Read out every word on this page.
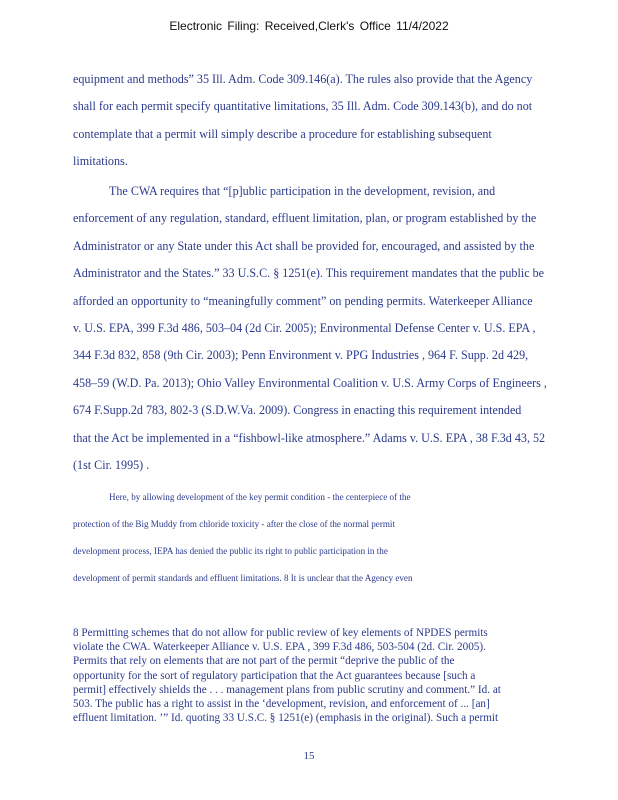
Electronic Filing: Received,Clerk's Office 11/4/2022
equipment and methods” 35 Ill. Adm. Code 309.146(a). The rules also provide that the Agency
shall for each permit specify quantitative limitations, 35 Ill. Adm. Code 309.143(b), and do not
contemplate that a permit will simply describe a procedure for establishing subsequent
limitations.
The CWA requires that “[p]ublic participation in the development, revision, and
enforcement of any regulation, standard, effluent limitation, plan, or program established by the
Administrator or any State under this Act shall be provided for, encouraged, and assisted by the
Administrator and the States.” 33 U.S.C. § 1251(e). This requirement mandates that the public be
afforded an opportunity to “meaningfully comment” on pending permits. Waterkeeper Alliance
v. U.S. EPA, 399 F.3d 486, 503–04 (2d Cir. 2005); Environmental Defense Center v. U.S. EPA ,
344 F.3d 832, 858 (9th Cir. 2003); Penn Environment v. PPG Industries , 964 F. Supp. 2d 429,
458–59 (W.D. Pa. 2013); Ohio Valley Environmental Coalition v. U.S. Army Corps of Engineers ,
674 F.Supp.2d 783, 802-3 (S.D.W.Va. 2009). Congress in enacting this requirement intended
that the Act be implemented in a “fishbowl-like atmosphere.” Adams v. U.S. EPA , 38 F.3d 43, 52
(1st Cir. 1995) .
Here, by allowing development of the key permit condition - the centerpiece of the
protection of the Big Muddy from chloride toxicity - after the close of the normal permit
development process, IEPA has denied the public its right to public participation in the
development of permit standards and effluent limitations. 8 It is unclear that the Agency even
8 Permitting schemes that do not allow for public review of key elements of NPDES permits
violate the CWA. Waterkeeper Alliance v. U.S. EPA , 399 F.3d 486, 503-504 (2d. Cir. 2005).
Permits that rely on elements that are not part of the permit “deprive the public of the
opportunity for the sort of regulatory participation that the Act guarantees because [such a
permit] effectively shields the . . . management plans from public scrutiny and comment.” Id. at
503. The public has a right to assist in the ‘development, revision, and enforcement of ... [an]
effluent limitation. ’” Id. quoting 33 U.S.C. § 1251(e) (emphasis in the original). Such a permit
15
